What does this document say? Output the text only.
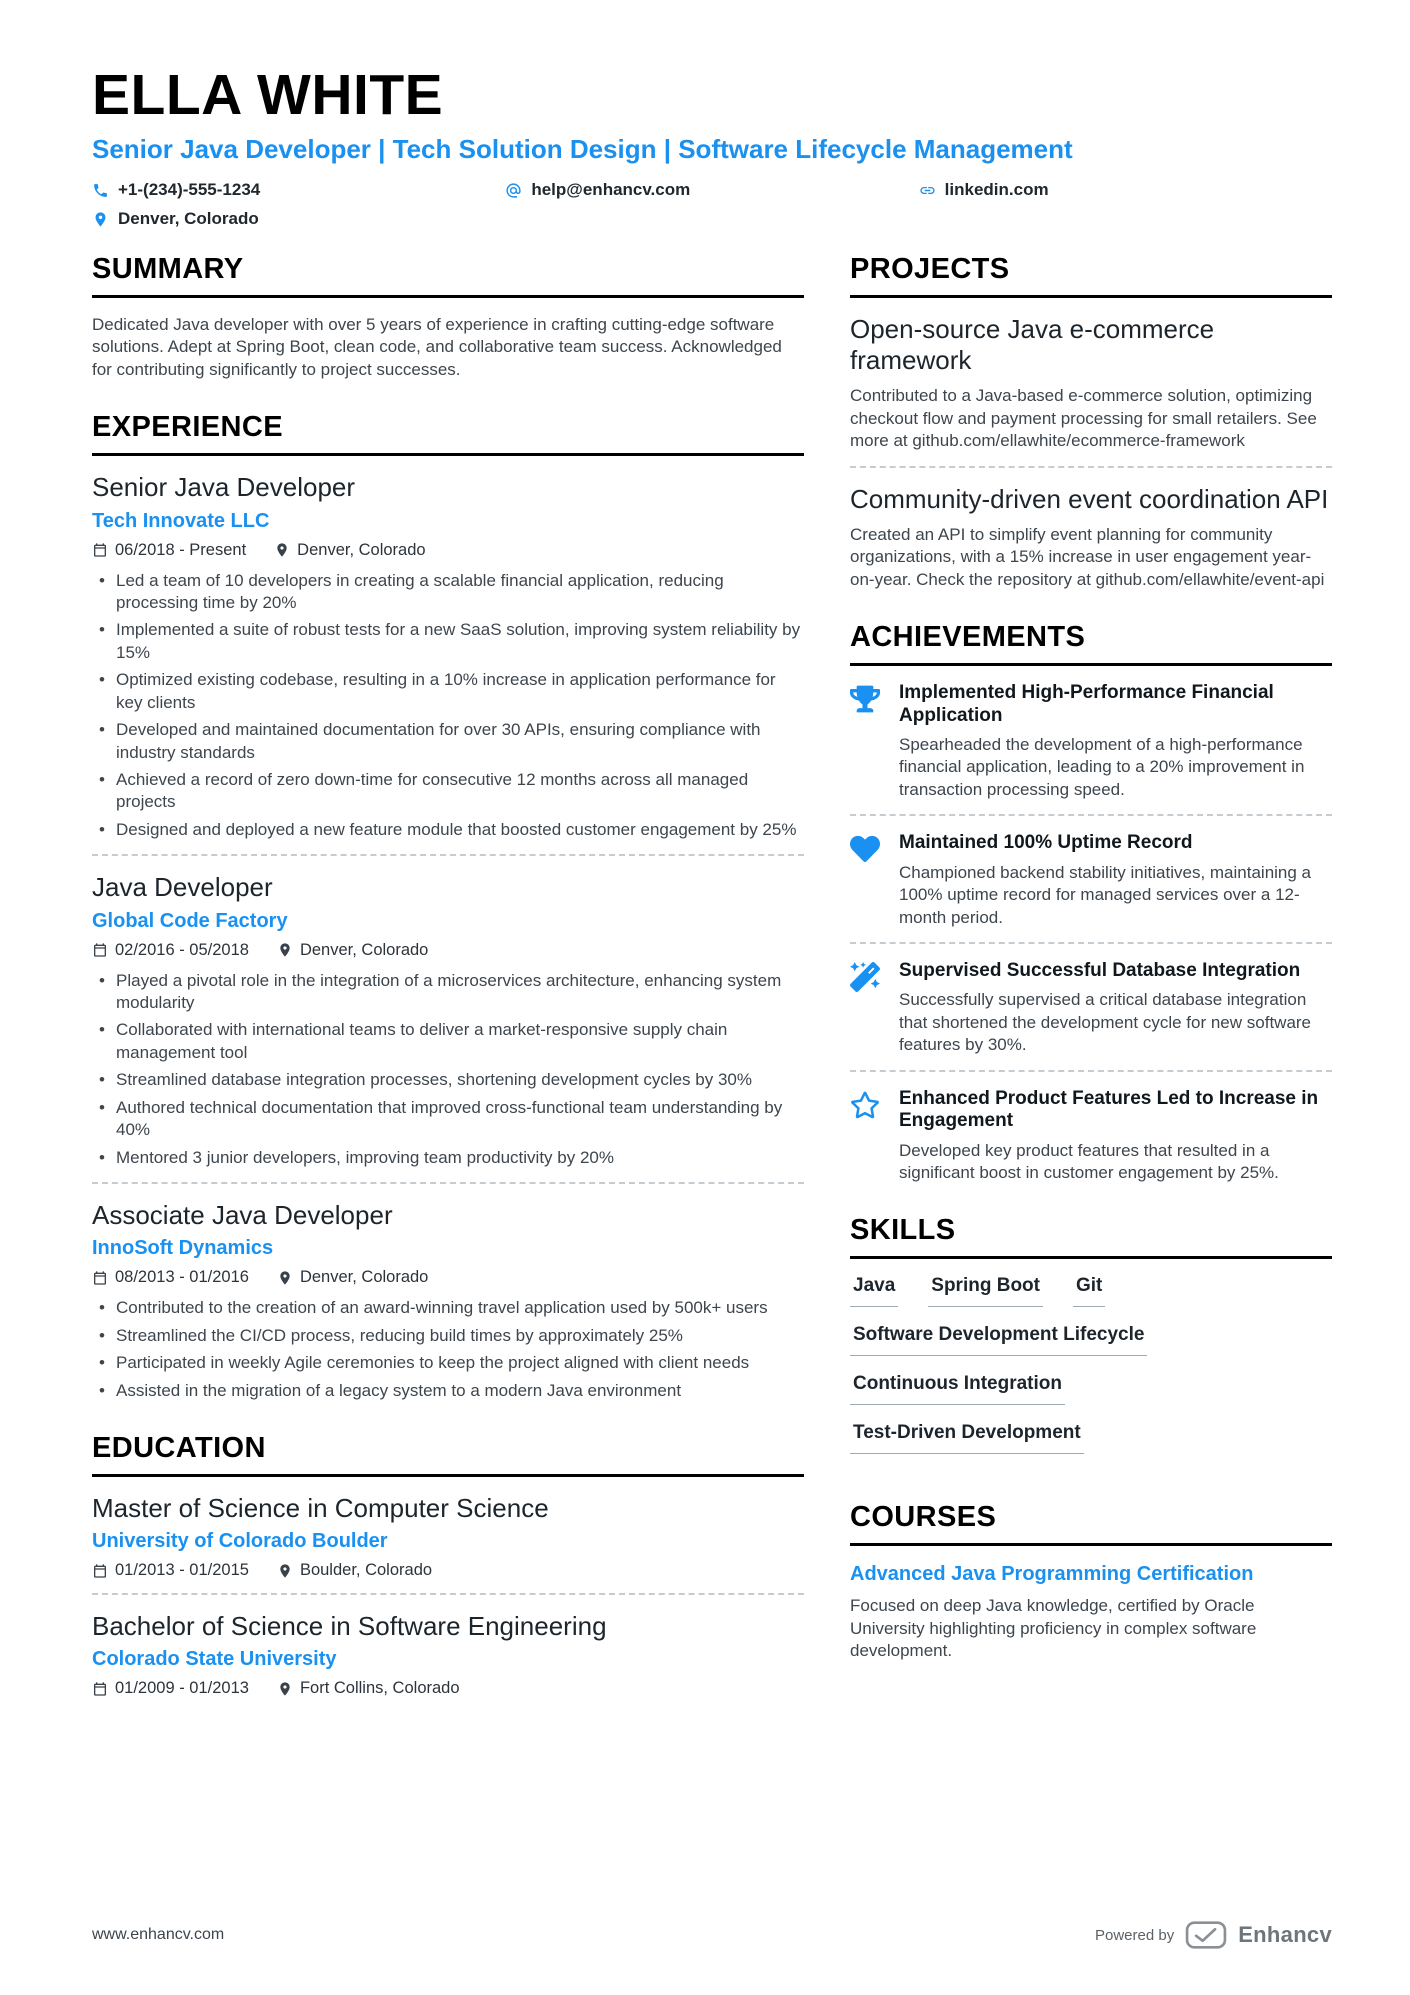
ELLA WHITE
Senior Java Developer | Tech Solution Design | Software Lifecycle Management
+1-(234)-555-1234	help@enhancv.com	linkedin.com
Denver, Colorado
SUMMARY

Dedicated Java developer with over 5 years of experience in crafting cutting-edge software solutions. Adept at Spring Boot, clean code, and collaborative team success. Acknowledged for contributing significantly to project successes.

EXPERIENCE
Senior Java Developer
Tech Innovate LLC
06/2018 - Present	Denver, Colorado
• Led a team of 10 developers in creating a scalable financial application, reducing processing time by 20%
• Implemented a suite of robust tests for a new SaaS solution, improving system reliability by 15%
• Optimized existing codebase, resulting in a 10% increase in application performance for key clients
• Developed and maintained documentation for over 30 APIs, ensuring compliance with industry standards
• Achieved a record of zero down-time for consecutive 12 months across all managed projects
• Designed and deployed a new feature module that boosted customer engagement by 25%
Java Developer
Global Code Factory
02/2016 - 05/2018	Denver, Colorado
• Played a pivotal role in the integration of a microservices architecture, enhancing system modularity
• Collaborated with international teams to deliver a market-responsive supply chain management tool
• Streamlined database integration processes, shortening development cycles by 30%
• Authored technical documentation that improved cross-functional team understanding by 40%
• Mentored 3 junior developers, improving team productivity by 20%
Associate Java Developer
InnoSoft Dynamics
08/2013 - 01/2016	Denver, Colorado
• Contributed to the creation of an award-winning travel application used by 500k+ users
• Streamlined the CI/CD process, reducing build times by approximately 25%
• Participated in weekly Agile ceremonies to keep the project aligned with client needs
• Assisted in the migration of a legacy system to a modern Java environment
EDUCATION
Master of Science in Computer Science
University of Colorado Boulder
01/2013 - 01/2015	Boulder, Colorado
Bachelor of Science in Software Engineering
Colorado State University
01/2009 - 01/2013	Fort Collins, Colorado
PROJECTS
Open-source Java e-commerce framework

Contributed to a Java-based e-commerce solution, optimizing checkout flow and payment processing for small retailers. See more at github.com/ellawhite/ecommerce-framework

Community-driven event coordination API

Created an API to simplify event planning for community organizations, with a 15% increase in user engagement year-on-year. Check the repository at github.com/ellawhite/event-api

ACHIEVEMENTS
Implemented High-Performance Financial Application

Spearheaded the development of a high-performance financial application, leading to a 20% improvement in transaction processing speed.

Maintained 100% Uptime Record

Championed backend stability initiatives, maintaining a 100% uptime record for managed services over a 12-month period.

Supervised Successful Database Integration

Successfully supervised a critical database integration that shortened the development cycle for new software features by 30%.

Enhanced Product Features Led to Increase in Engagement

Developed key product features that resulted in a significant boost in customer engagement by 25%.

SKILLS
Java Spring Boot Git
Software Development Lifecycle
Continuous Integration
Test-Driven Development
COURSES
Advanced Java Programming Certification

Focused on deep Java knowledge, certified by Oracle University highlighting proficiency in complex software development.

www.enhancv.com	Powered by	Enhancv
